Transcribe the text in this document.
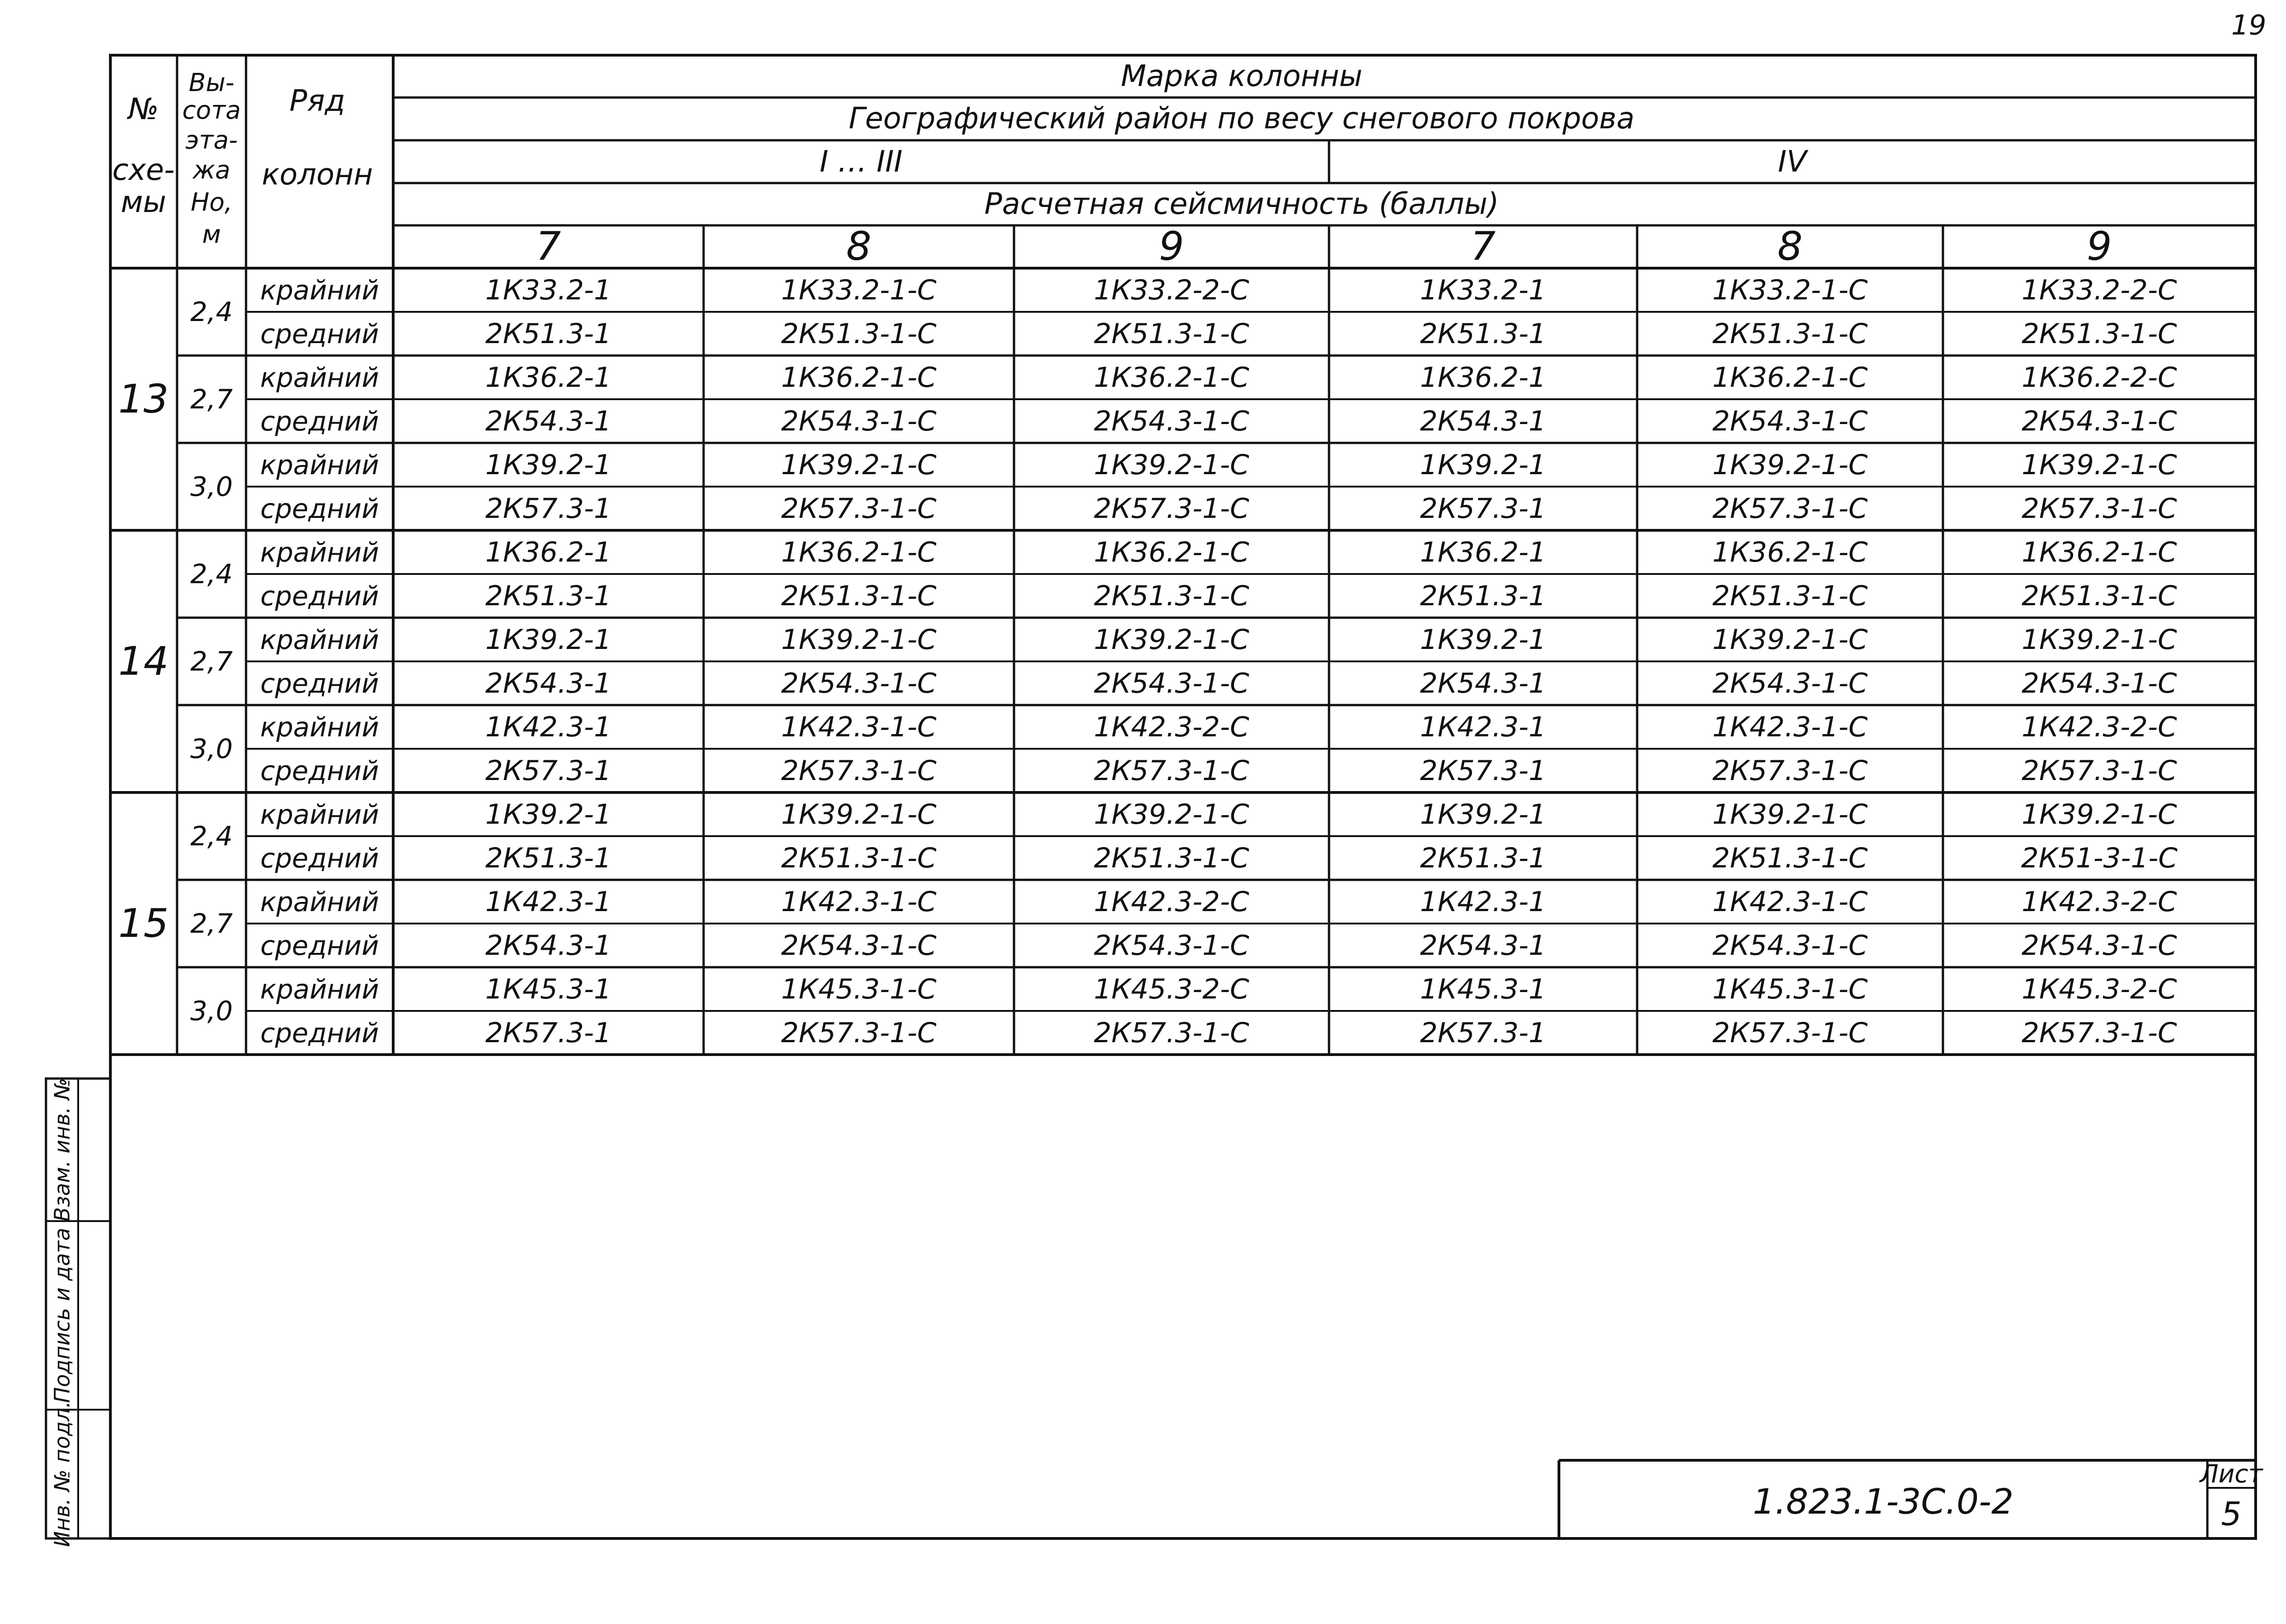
№
схе-
мы
Вы-
сота
эта-
жа
Но,
м
Ряд
колонн
Марка колонны
Географический район по весу снегового покрова
I … III	IV
Расчетная сейсмичность (баллы)
7	8	9	7	8	9
13
2,4
крайний	1К33.2-1	1К33.2-1-С	1К33.2-2-С	1К33.2-1	1К33.2-1-С	1К33.2-2-С
средний	2К51.3-1	2К51.3-1-С	2К51.3-1-С	2К51.3-1	2К51.3-1-С	2К51.3-1-С
2,7
крайний	1К36.2-1	1К36.2-1-С	1К36.2-1-С	1К36.2-1	1К36.2-1-С	1К36.2-2-С
средний	2К54.3-1	2К54.3-1-С	2К54.3-1-С	2К54.3-1	2К54.3-1-С	2К54.3-1-С
3,0
крайний	1К39.2-1	1К39.2-1-С	1К39.2-1-С	1К39.2-1	1К39.2-1-С	1К39.2-1-С
средний	2К57.3-1	2К57.3-1-С	2К57.3-1-С	2К57.3-1	2К57.3-1-С	2К57.3-1-С
14
2,4
крайний	1К36.2-1	1К36.2-1-С	1К36.2-1-С	1К36.2-1	1К36.2-1-С	1К36.2-1-С
средний	2К51.3-1	2К51.3-1-С	2К51.3-1-С	2К51.3-1	2К51.3-1-С	2К51.3-1-С
2,7
крайний	1К39.2-1	1К39.2-1-С	1К39.2-1-С	1К39.2-1	1К39.2-1-С	1К39.2-1-С
средний	2К54.3-1	2К54.3-1-С	2К54.3-1-С	2К54.3-1	2К54.3-1-С	2К54.3-1-С
3,0
крайний	1К42.3-1	1К42.3-1-С	1К42.3-2-С	1К42.3-1	1К42.3-1-С	1К42.3-2-С
средний	2К57.3-1	2К57.3-1-С	2К57.3-1-С	2К57.3-1	2К57.3-1-С	2К57.3-1-С
15
2,4
крайний	1К39.2-1	1К39.2-1-С	1К39.2-1-С	1К39.2-1	1К39.2-1-С	1К39.2-1-С
средний	2К51.3-1	2К51.3-1-С	2К51.3-1-С	2К51.3-1	2К51.3-1-С	2К51-3-1-С
2,7
крайний	1К42.3-1	1К42.3-1-С	1К42.3-2-С	1К42.3-1	1К42.3-1-С	1К42.3-2-С
средний	2К54.3-1	2К54.3-1-С	2К54.3-1-С	2К54.3-1	2К54.3-1-С	2К54.3-1-С
3,0
крайний	1К45.3-1	1К45.3-1-С	1К45.3-2-С	1К45.3-1	1К45.3-1-С	1К45.3-2-С
средний	2К57.3-1	2К57.3-1-С	2К57.3-1-С	2К57.3-1	2К57.3-1-С	2К57.3-1-С
19
Взам. инв. №
Подпись и дата
Инв. № подл.	1.823.1-3С.0-2
Лист
5
